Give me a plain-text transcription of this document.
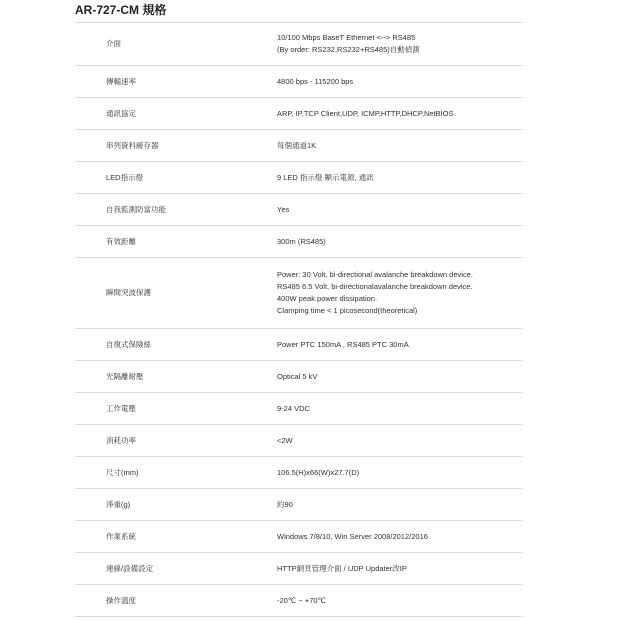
AR-727-CM 規格
介面	10/100 Mbps BaseT Ethernet <--> RS485
(By order: RS232,RS232+RS485)自動偵測

傳輸速率	4800 bps - 115200 bps

通訊協定	ARP, IP,TCP Client,UDP, ICMP,HTTP,DHCP,NetBIOS

串列資料緩存器	每個通道1K

LED指示燈	9 LED 指示燈 顯示電源, 通訊

自我監測防當功能	Yes

有效距離	300m (RS485)

瞬間突波保護	Power: 30 Volt, bi-directional avalanche breakdown device.
RS485 6.5 Volt, bi-directionalavalanche breakdown device.
400W peak power dissipation.
Clamping time < 1 picosecond(theoretical)

自復式保險絲	Power PTC 150mA , RS485 PTC 30mA

光隔離耐壓	Optical 5 kV

工作電壓	9-24 VDC

消耗功率	<2W

尺寸(mm)	106.5(H)x66(W)x27.7(D)

淨重(g)	約90

作業系統	Windows 7/8/10, Win Server 2008/2012/2016

連線/設備設定	HTTP網頁管理介面 / UDP Updater改IP

操作溫度	-20℃ ~ +70℃
